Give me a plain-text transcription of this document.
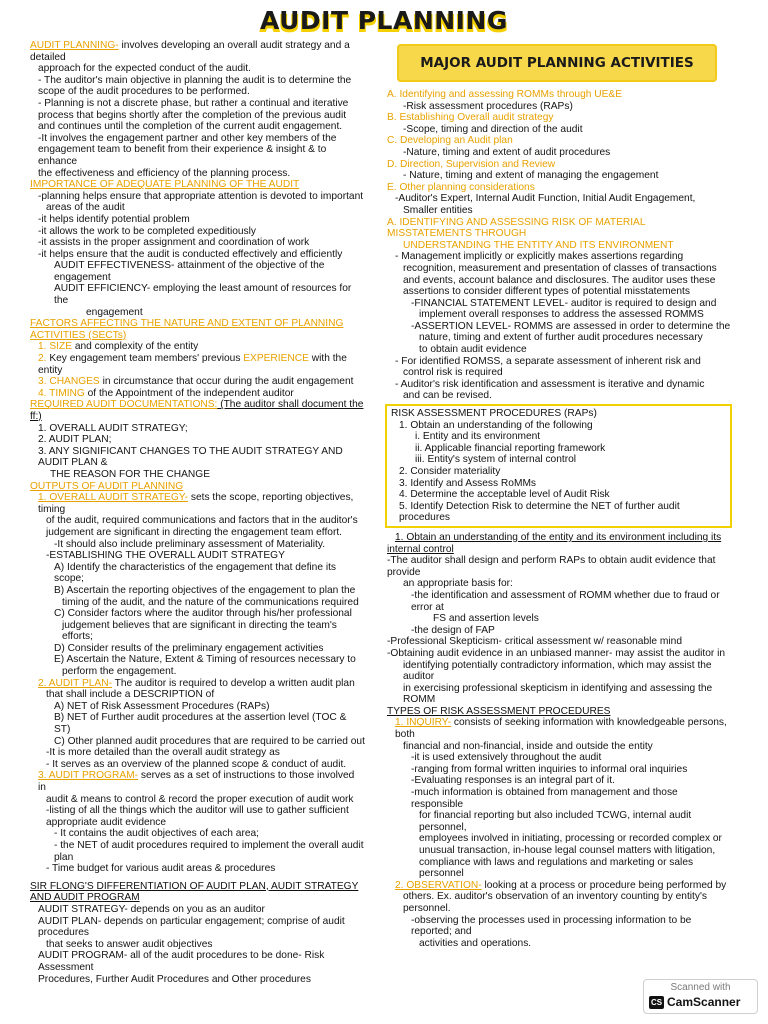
AUDIT PLANNING

AUDIT PLANNING- involves developing an overall audit strategy and a detailed

approach for the expected conduct of the audit.

- The auditor's main objective in planning the audit is to determine the

scope of the audit procedures to be performed.

- Planning is not a discrete phase, but rather a continual and iterative

process that begins shortly after the completion of the previous audit

and continues until the completion of the current audit engagement.

-It involves the engagement partner and other key members of the

engagement team to benefit from their experience & insight & to enhance

the effectiveness and efficiency of the planning process.

IMPORTANCE OF ADEQUATE PLANNING OF THE AUDIT

-planning helps ensure that appropriate attention is devoted to important

areas of the audit

-it helps identify potential problem

-it allows the work to be completed expeditiously

-it assists in the proper assignment and coordination of work

-it helps ensure that the audit is conducted effectively and efficiently

AUDIT EFFECTIVENESS- attainment of the objective of the engagement

AUDIT EFFICIENCY- employing the least amount of resources for the

engagement

FACTORS AFFECTING THE NATURE AND EXTENT OF PLANNING ACTIVITIES (SECTs)

1. SIZE and complexity of the entity

2. Key engagement team members' previous EXPERIENCE with the entity

3. CHANGES in circumstance that occur during the audit engagement

4. TIMING of the Appointment of the independent auditor

REQUIRED AUDIT DOCUMENTATIONS: (The auditor shall document the ff:)

1. OVERALL AUDIT STRATEGY;

2. AUDIT PLAN;

3. ANY SIGNIFICANT CHANGES TO THE AUDIT STRATEGY AND AUDIT PLAN &

THE REASON FOR THE CHANGE

OUTPUTS OF AUDIT PLANNING

1. OVERALL AUDIT STRATEGY- sets the scope, reporting objectives, timing

of the audit, required communications and factors that in the auditor's

judgement are significant in directing the engagement team effort.

-It should also include preliminary assessment of Materiality.

-ESTABLISHING THE OVERALL AUDIT STRATEGY

A) Identify the characteristics of the engagement that define its scope;

B) Ascertain the reporting objectives of the engagement to plan the

timing of the audit, and the nature of the communications required

C) Consider factors where the auditor through his/her professional

judgement believes that are significant in directing the team's efforts;

D) Consider results of the preliminary engagement activities

E) Ascertain the Nature, Extent & Timing of resources necessary to

perform the engagement.

2. AUDIT PLAN- The auditor is required to develop a written audit plan

that shall include a DESCRIPTION of

A) NET of Risk Assessment Procedures (RAPs)

B) NET of Further audit procedures at the assertion level (TOC & ST)

C) Other planned audit procedures that are required to be carried out

-It is more detailed than the overall audit strategy as

- It serves as an overview of the planned scope & conduct of audit.

3. AUDIT PROGRAM- serves as a set of instructions to those involved in

audit & means to control & record the proper execution of audit work

-listing of all the things which the auditor will use to gather sufficient

appropriate audit evidence

- It contains the audit objectives of each area;

- the NET of audit procedures required to implement the overall audit plan

- Time budget for various audit areas & procedures

SIR FLONG'S DIFFERENTIATION OF AUDIT PLAN, AUDIT STRATEGY AND AUDIT PROGRAM

AUDIT STRATEGY- depends on you as an auditor

AUDIT PLAN- depends on particular engagement; comprise of audit procedures

that seeks to answer audit objectives

AUDIT PROGRAM- all of the audit procedures to be done- Risk Assessment

Procedures, Further Audit Procedures and Other procedures

MAJOR AUDIT PLANNING ACTIVITIES

A. Identifying and assessing ROMMs through UE&E

-Risk assessment procedures (RAPs)

B. Establishing Overall audit strategy

-Scope, timing and direction of the audit

C. Developing an Audit plan

-Nature, timing and extent of audit procedures

D. Direction, Supervision and Review

- Nature, timing and extent of managing the engagement

E. Other planning considerations

-Auditor's Expert, Internal Audit Function, Initial Audit Engagement,

Smaller entities

A. IDENTIFYING AND ASSESSING RISK OF MATERIAL MISSTATEMENTS THROUGH

UNDERSTANDING THE ENTITY AND ITS ENVIRONMENT

- Management implicitly or explicitly makes assertions regarding

recognition, measurement and presentation of classes of transactions

and events, account balance and disclosures. The auditor uses these

assertions to consider different types of potential misstatements

-FINANCIAL STATEMENT LEVEL- auditor is required to design and

implement overall responses to address the assessed ROMMS

-ASSERTION LEVEL- ROMMS are assessed in order to determine the

nature, timing and extent of further audit procedures necessary

to obtain audit evidence

- For identified ROMSS, a separate assessment of inherent risk and

control risk is required

- Auditor's risk identification and assessment is iterative and dynamic

and can be revised.

RISK ASSESSMENT PROCEDURES (RAPs)

1. Obtain an understanding of the following

i. Entity and its environment

ii. Applicable financial reporting framework

iii. Entity's system of internal control

2. Consider materiality

3. Identify and Assess RoMMs

4. Determine the acceptable level of Audit Risk

5. Identify Detection Risk to determine the NET of further audit procedures

1. Obtain an understanding of the entity and its environment including its

internal control

-The auditor shall design and perform RAPs to obtain audit evidence that provide

an appropriate basis for:

-the identification and assessment of ROMM whether due to fraud or error at

FS and assertion levels

-the design of FAP

-Professional Skepticism- critical assessment w/ reasonable mind

-Obtaining audit evidence in an unbiased manner- may assist the auditor in

identifying potentially contradictory information, which may assist the auditor

in exercising professional skepticism in identifying and assessing the ROMM

TYPES OF RISK ASSESSMENT PROCEDURES

1. INQUIRY- consists of seeking information with knowledgeable persons, both

financial and non-financial, inside and outside the entity

-it is used extensively throughout the audit

-ranging from formal written inquiries to informal oral inquiries

-Evaluating responses is an integral part of it.

-much information is obtained from management and those responsible

for financial reporting but also included TCWG, internal audit personnel,

employees involved in initiating, processing or recorded complex or

unusual transaction, in-house legal counsel matters with litigation,

compliance with laws and regulations and marketing or sales personnel

2. OBSERVATION- looking at a process or procedure being performed by

others. Ex. auditor's observation of an inventory counting by entity's

personnel.

-observing the processes used in processing information to be reported; and

activities and operations.

Scanned with
CS CamScanner
